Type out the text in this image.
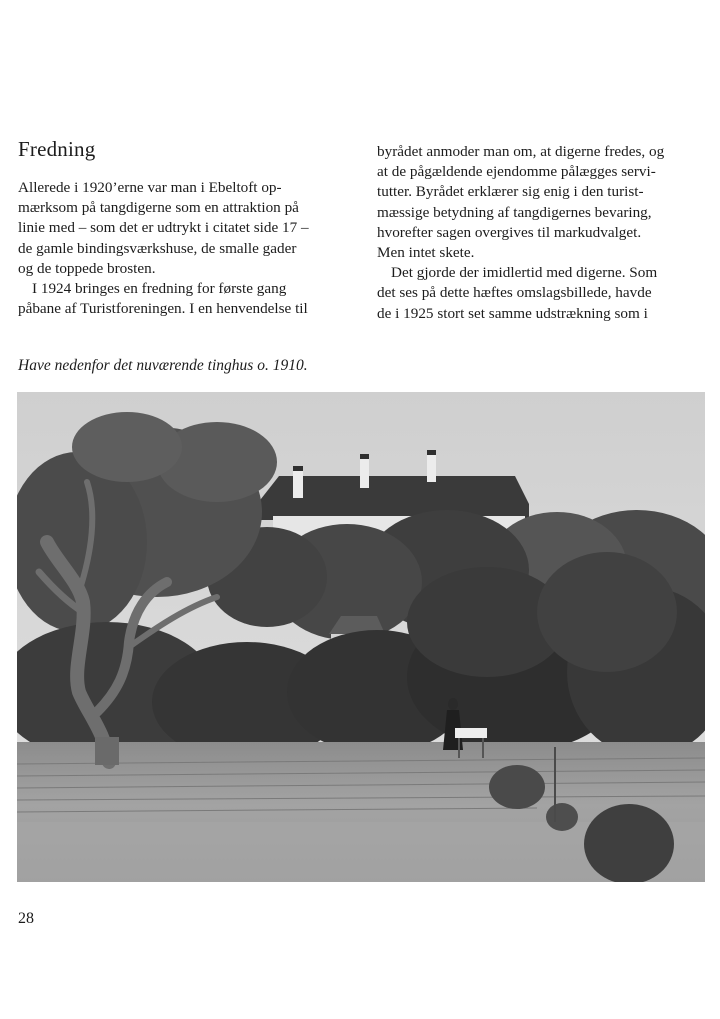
Fredning

Allerede i 1920’erne var man i Ebeltoft op-

mærksom på tangdigerne som en attraktion på

linie med – som det er udtrykt i citatet side 17 –

de gamle bindingsværkshuse, de smalle gader

og de toppede brosten.

I 1924 bringes en fredning for første gang

påbane af Turistforeningen. I en henvendelse til

byrådet anmoder man om, at digerne fredes, og

at de pågældende ejendomme pålægges servi-

tutter. Byrådet erklærer sig enig i den turist-

mæssige betydning af tangdigernes bevaring,

hvorefter sagen overgives til markudvalget.

Men intet skete.

Det gjorde der imidlertid med digerne. Som

det ses på dette hæftes omslagsbillede, havde

de i 1925 stort set samme udstrækning som i

Have nedenfor det nuværende tinghus o. 1910.

28
